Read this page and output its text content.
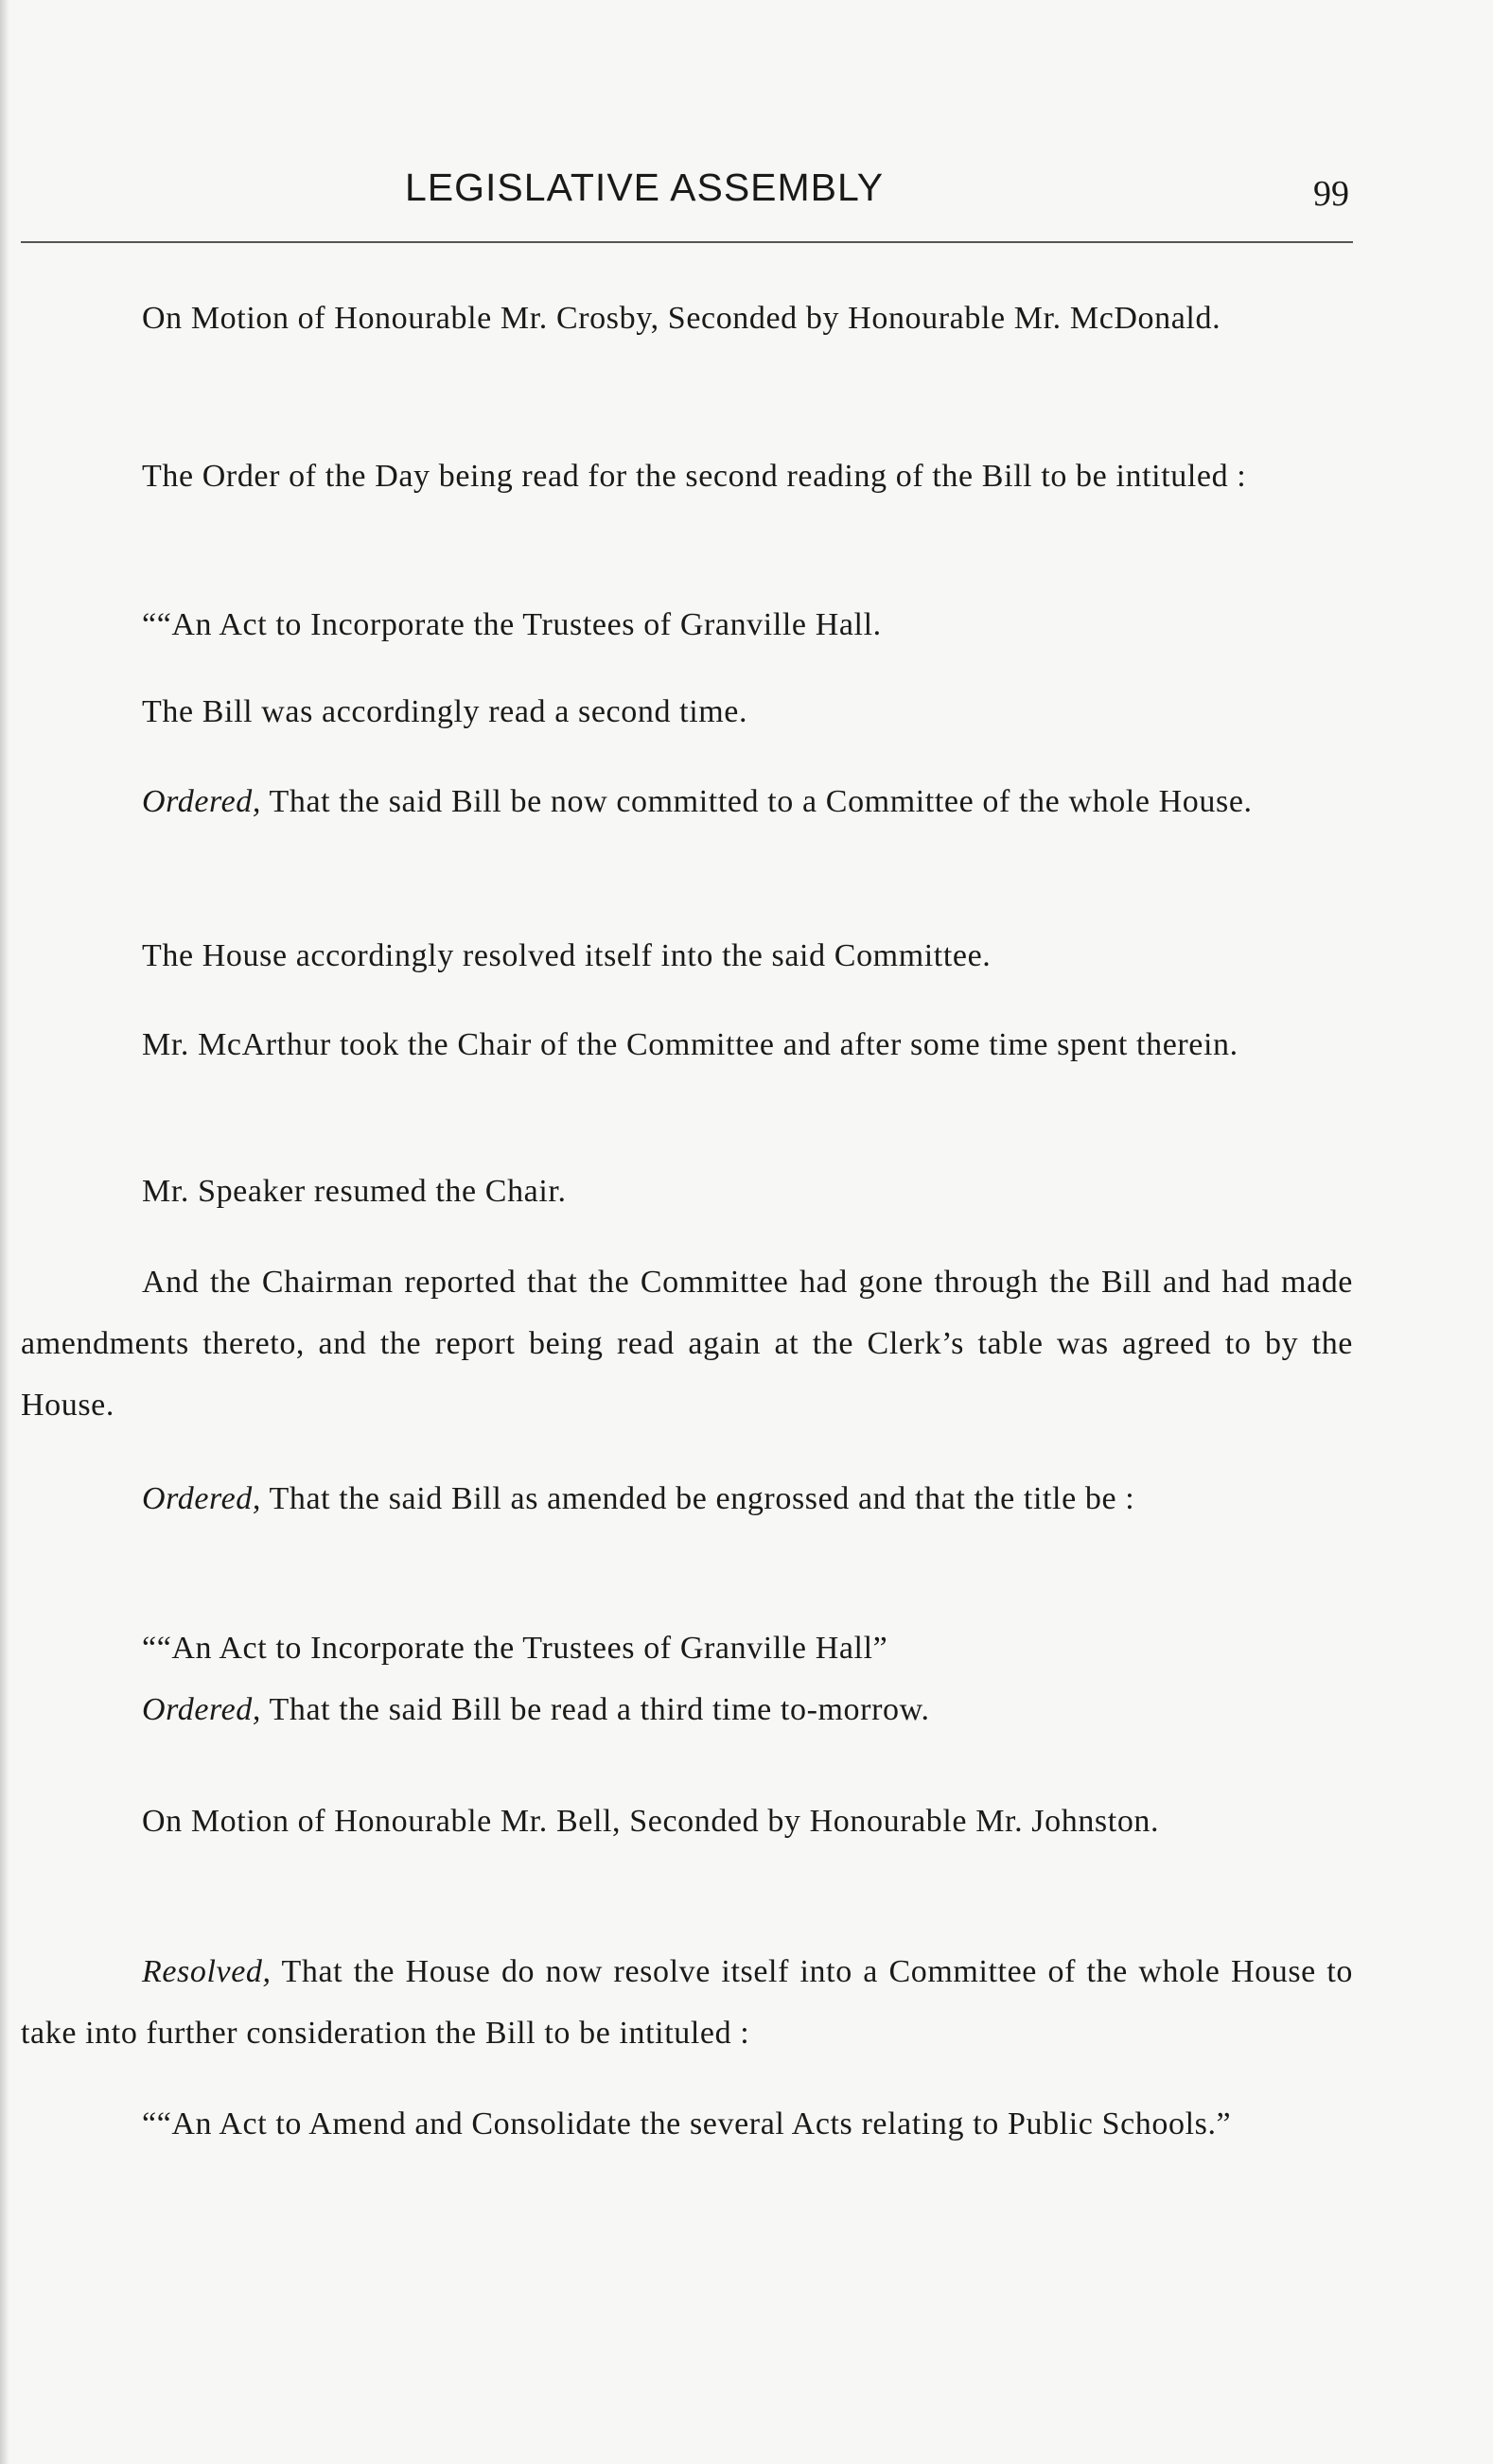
LEGISLATIVE ASSEMBLY	99

On Motion of Honourable Mr. Crosby, Seconded by Honourable Mr. McDonald.

The Order of the Day being read for the second reading of the Bill to be intituled :

““An Act to Incorporate the Trustees of Granville Hall.

The Bill was accordingly read a second time.

Ordered, That the said Bill be now committed to a Committee of the whole House.

The House accordingly resolved itself into the said Committee.

Mr. McArthur took the Chair of the Committee and after some time spent therein.

Mr. Speaker resumed the Chair.

And the Chairman reported that the Committee had gone through the Bill and had made amendments thereto, and the report being read again at the Clerk’s table was agreed to by the House.

Ordered, That the said Bill as amended be engrossed and that the title be :

““An Act to Incorporate the Trustees of Granville Hall”

Ordered, That the said Bill be read a third time to-morrow.

On Motion of Honourable Mr. Bell, Seconded by Honourable Mr. Johnston.

Resolved, That the House do now resolve itself into a Committee of the whole House to take into further consideration the Bill to be intituled :

““An Act to Amend and Consolidate the several Acts relating to Public Schools.”
